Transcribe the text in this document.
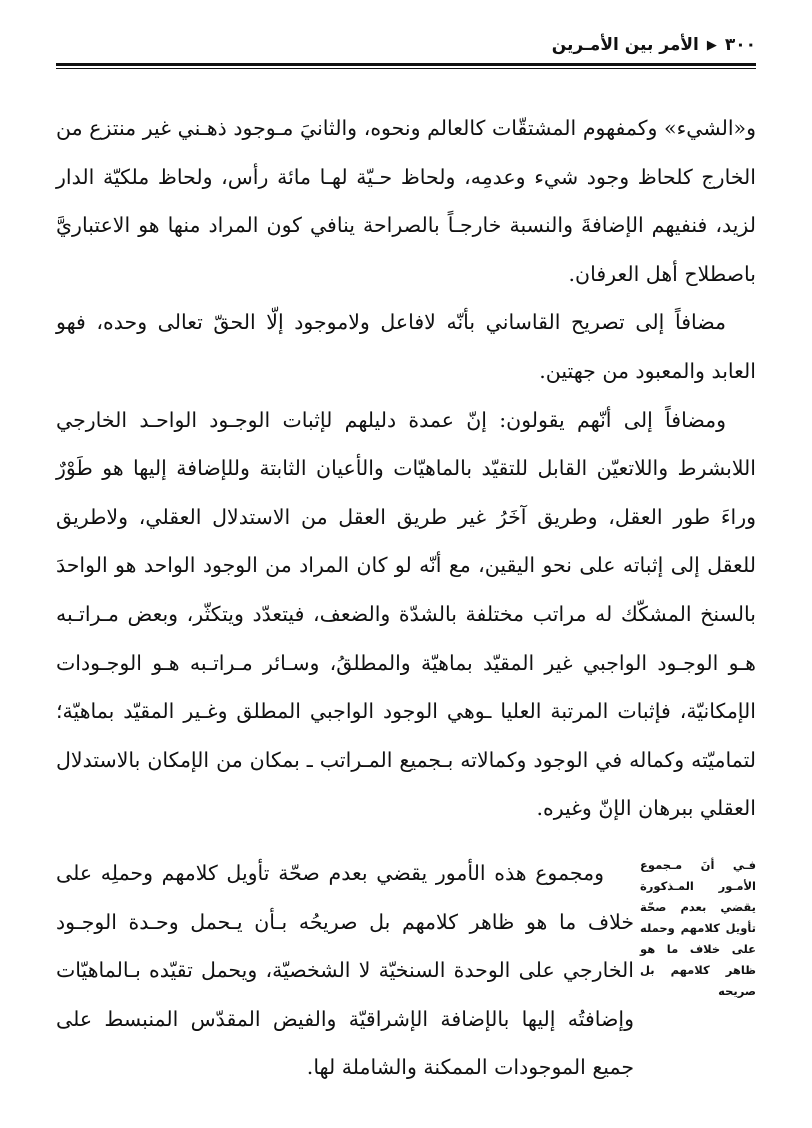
٣٠٠
▶
الأمر بين الأمـرين

و«الشيء» وكمفهوم المشتقّات كالعالم ونحوه، والثانيَ مـوجود ذهـني غير منتزع من الخارج كلحاظ وجود شيء وعدمِه، ولحاظ حـيّة لهـا مائة رأس، ولحاظ ملكيّة الدار لزيد، فنفيهم الإضافةَ والنسبة خارجـاً بالصراحة ينافي كون المراد منها هو الاعتباريَّ باصطلاح أهل العرفان.

مضافاً إلى تصريح القاساني بأنّه لافاعل ولاموجود إلّا الحقّ تعالى وحده، فهو العابد والمعبود من جهتين.

ومضافاً إلى أنّهم يقولون: إنّ عمدة دليلهم لإثبات الوجـود الواحـد الخارجي اللابشرط واللاتعيّن القابل للتقيّد بالماهيّات والأعيان الثابتة وللإضافة إليها هو طَوْرٌ وراءَ طور العقل، وطريق آخَرُ غير طريق العقل من الاستدلال العقلي، ولاطريق للعقل إلى إثباته على نحو اليقين، مع أنّه لو كان المراد من الوجود الواحد هو الواحدَ بالسنخ المشكّك له مراتب مختلفة بالشدّة والضعف، فيتعدّد ويتكثّر، وبعض مـراتـبه هـو الوجـود الواجبي غير المقيّد بماهيّة والمطلقُ، وسـائر مـراتـبه هـو الوجـودات الإمكانيّة، فإثبات المرتبة العليا ـوهي الوجود الواجبي المطلق وغـير المقيّد بماهيّة؛ لتماميّته وكماله في الوجود وكمالاته بـجميع المـراتب ـ بمكان من الإمكان بالاستدلال العقلي ببرهان الإنّ وغيره.

ومجموع هذه الأمور يقضي بعدم صحّة تأويل كلامهم وحملِه على خلاف ما هو ظاهر كلامهم بل صريحُه بـأن يـحمل وحـدة الوجـود الخارجي على الوحدة السنخيّة لا الشخصيّة، ويحمل تقيّده بـالماهيّات وإضافتُه إليها بالإضافة الإشراقيّة والفيض المقدّس المنبسط على جميع الموجودات الممكنة والشاملة لها.

فـي أنَ مـجموع الأمـور المـذكورة يقضي بعدم صحّة تأويل كلامهم وحمله على خلاف ما هو ظاهر كلامهم بل صريحه
